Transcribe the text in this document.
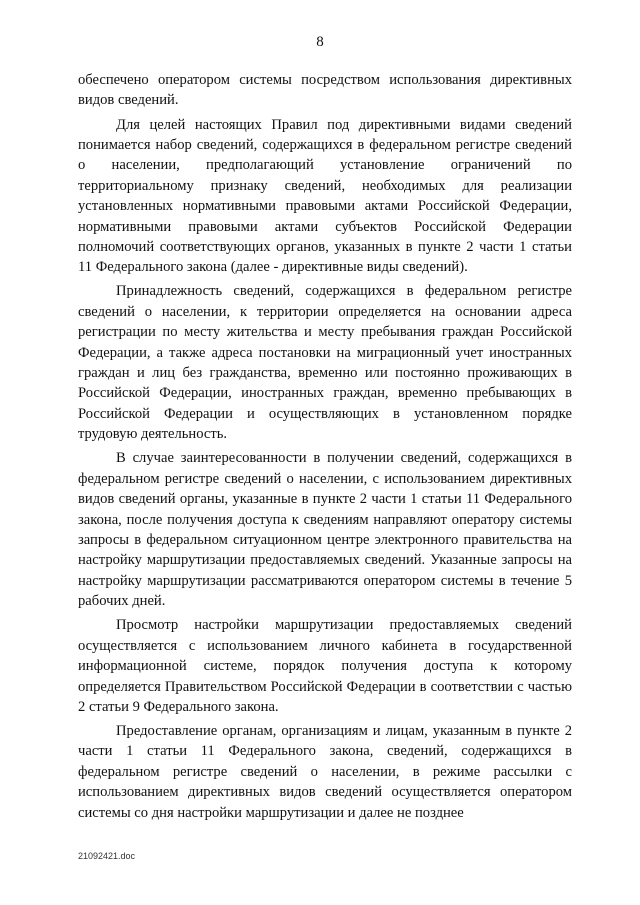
8

обеспечено оператором системы посредством использования директивных видов сведений.

Для целей настоящих Правил под директивными видами сведений понимается набор сведений, содержащихся в федеральном регистре сведений о населении, предполагающий установление ограничений по территориальному признаку сведений, необходимых для реализации установленных нормативными правовыми актами Российской Федерации, нормативными правовыми актами субъектов Российской Федерации полномочий соответствующих органов, указанных в пункте 2 части 1 статьи 11 Федерального закона (далее - директивные виды сведений).

Принадлежность сведений, содержащихся в федеральном регистре сведений о населении, к территории определяется на основании адреса регистрации по месту жительства и месту пребывания граждан Российской Федерации, а также адреса постановки на миграционный учет иностранных граждан и лиц без гражданства, временно или постоянно проживающих в Российской Федерации, иностранных граждан, временно пребывающих в Российской Федерации и осуществляющих в установленном порядке трудовую деятельность.

В случае заинтересованности в получении сведений, содержащихся в федеральном регистре сведений о населении, с использованием директивных видов сведений органы, указанные в пункте 2 части 1 статьи 11 Федерального закона, после получения доступа к сведениям направляют оператору системы запросы в федеральном ситуационном центре электронного правительства на настройку маршрутизации предоставляемых сведений. Указанные запросы на настройку маршрутизации рассматриваются оператором системы в течение 5 рабочих дней.

Просмотр настройки маршрутизации предоставляемых сведений осуществляется с использованием личного кабинета в государственной информационной системе, порядок получения доступа к которому определяется Правительством Российской Федерации в соответствии с частью 2 статьи 9 Федерального закона.

Предоставление органам, организациям и лицам, указанным в пункте 2 части 1 статьи 11 Федерального закона, сведений, содержащихся в федеральном регистре сведений о населении, в режиме рассылки с использованием директивных видов сведений осуществляется оператором системы со дня настройки маршрутизации и далее не позднее

21092421.doc
